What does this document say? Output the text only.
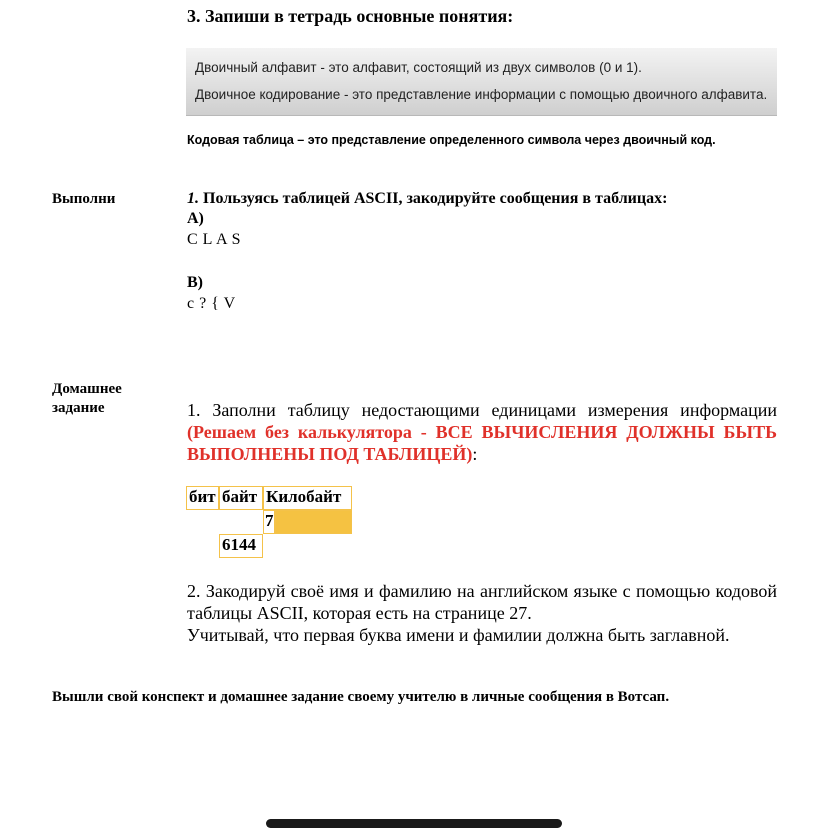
3. Запиши в тетрадь основные понятия:
Двоичный алфавит - это алфавит, состоящий из двух символов (0 и 1).
Двоичное кодирование - это представление информации с помощью двоичного алфавита.
Кодовая таблица – это представление определенного символа через двоичный код.
Выполни	1. Пользуясь таблицей ASCII, закодируйте сообщения в таблицах:
А)
C L A S
В)
c ? { V
Домашнее
задание	1. Заполни таблицу недостающими единицами измерения информации (Решаем без калькулятора - ВСЕ ВЫЧИСЛЕНИЯ ДОЛЖНЫ БЫТЬ ВЫПОЛНЕНЫ ПОД ТАБЛИЦЕЙ):
бит байт Килобайт
7
6144
2. Закодируй своё имя и фамилию на английском языке с помощью кодовой таблицы ASCII, которая есть на странице 27.
Учитывай, что первая буква имени и фамилии должна быть заглавной.
Вышли свой конспект и домашнее задание своему учителю в личные сообщения в Вотсап.
